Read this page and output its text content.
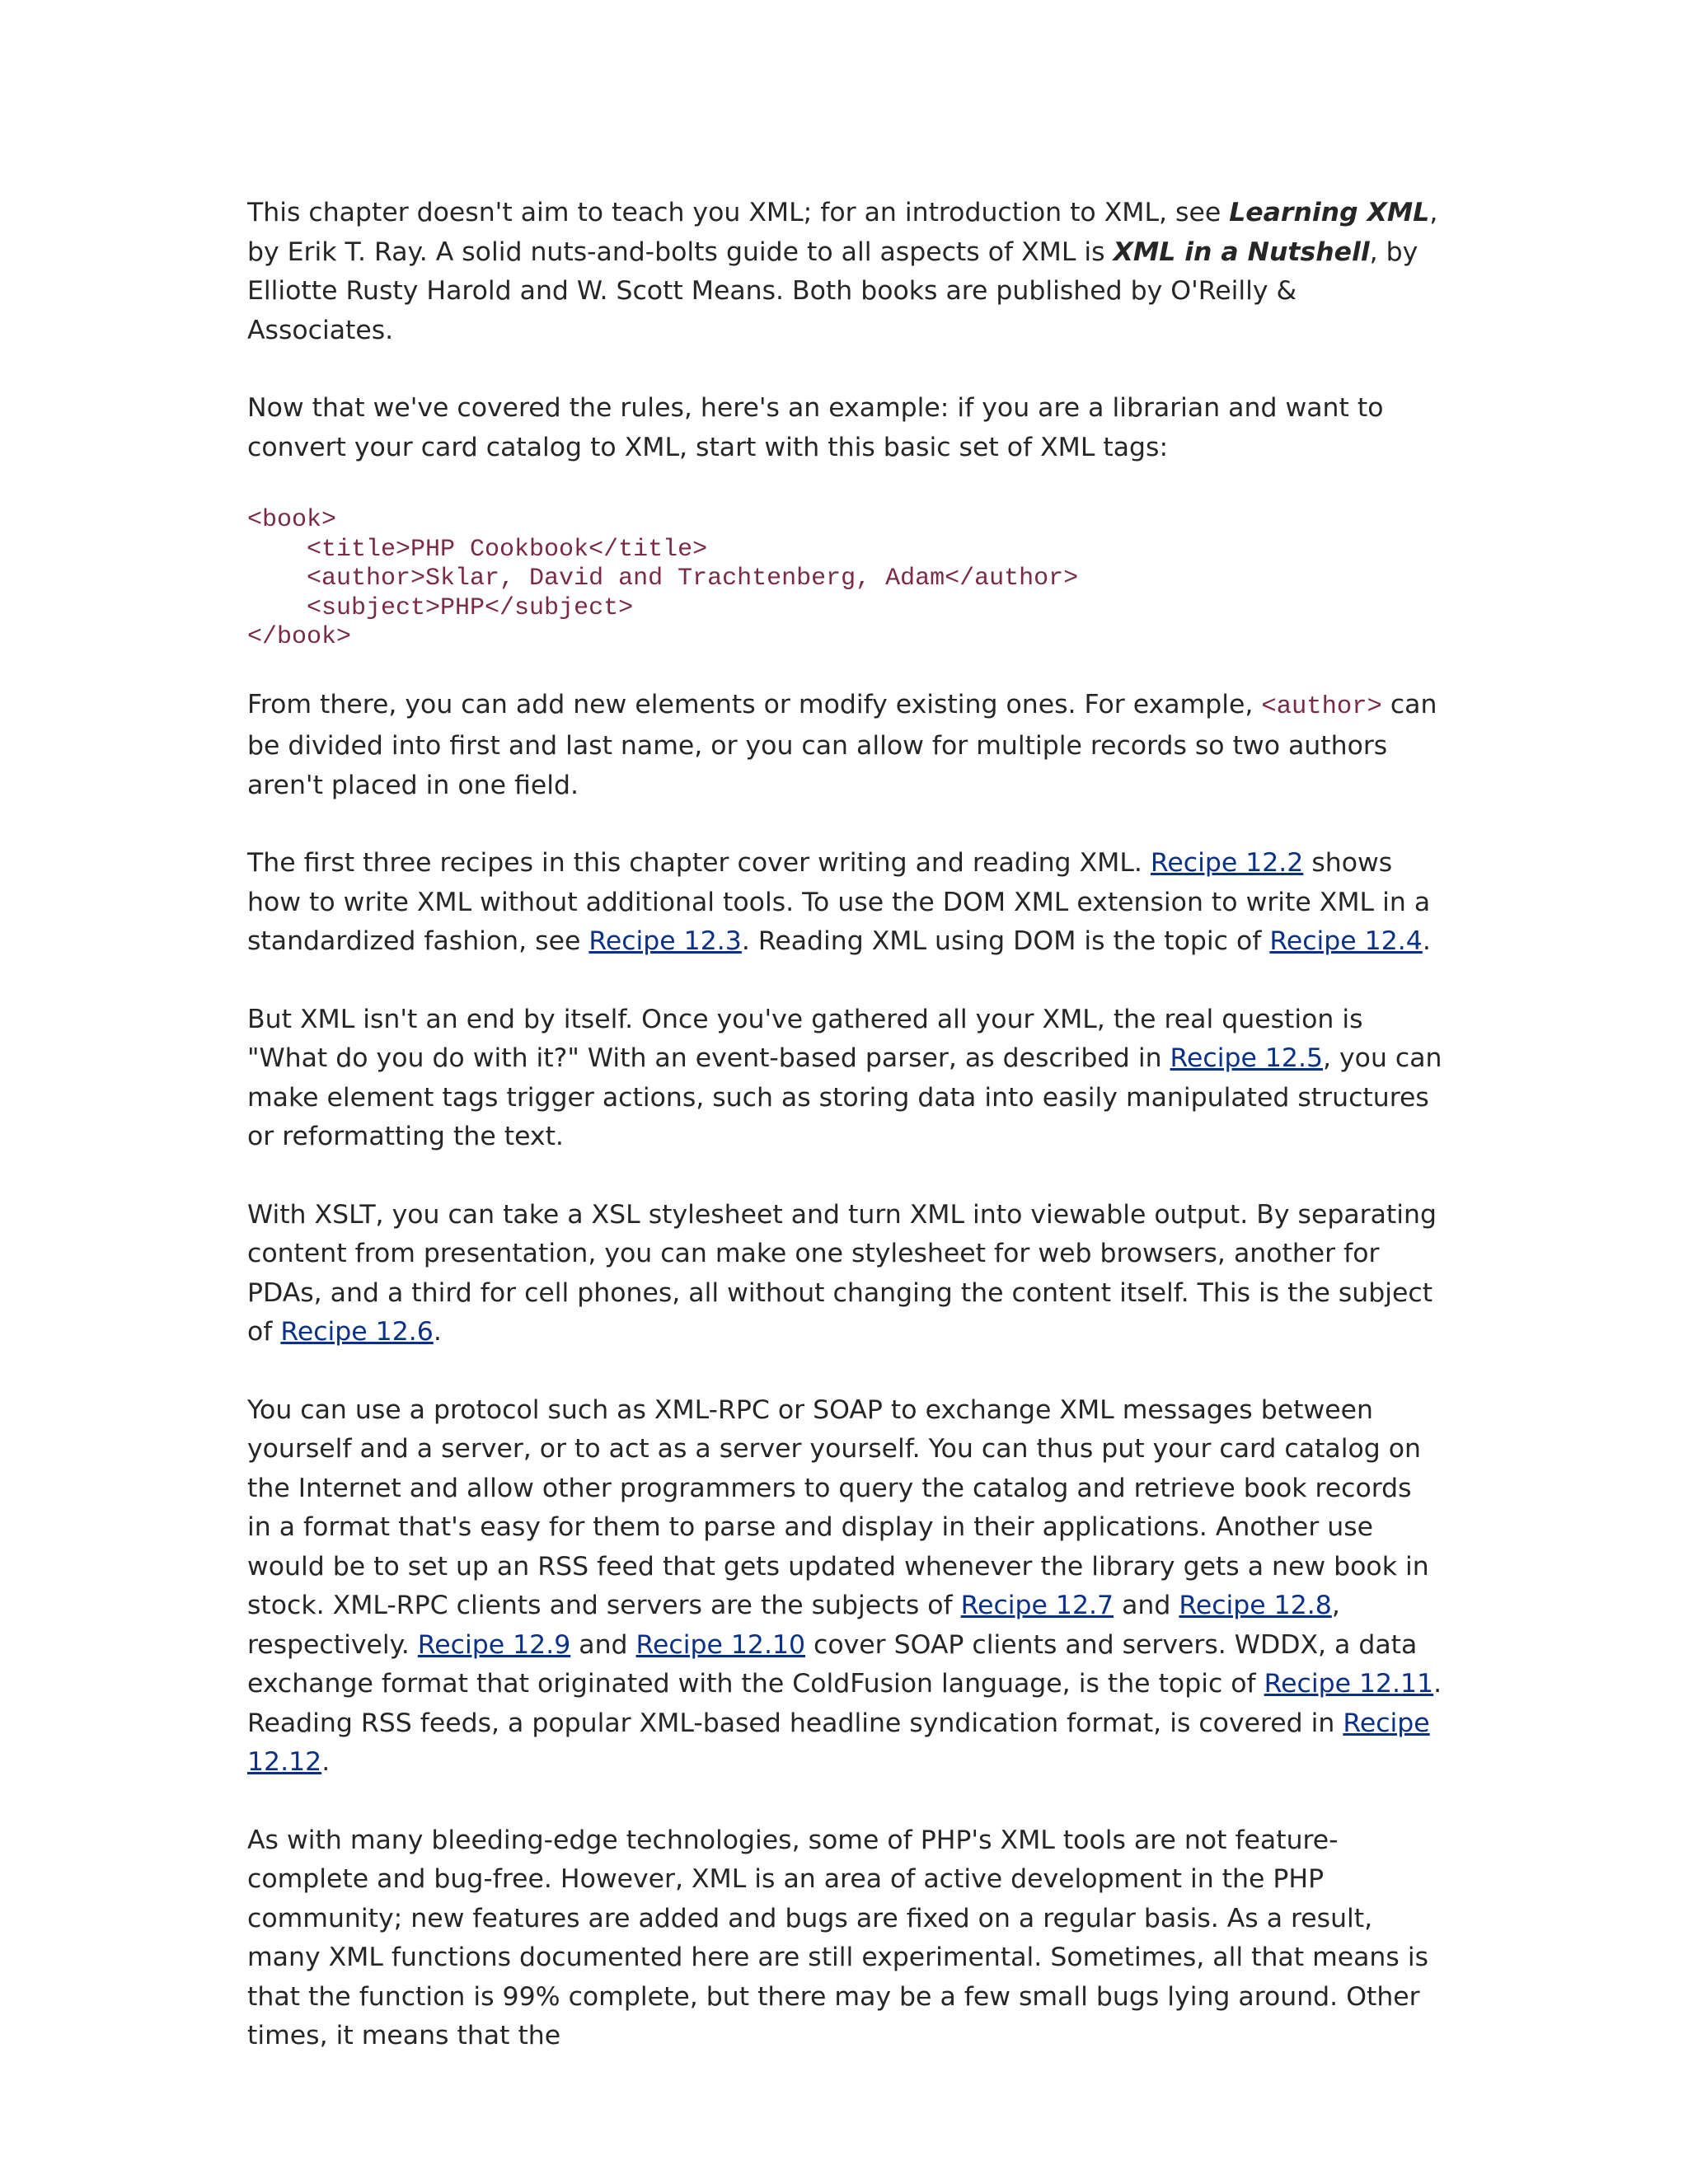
This chapter doesn't aim to teach you XML; for an introduction to XML, see Learning XML, by Erik T. Ray. A solid nuts-and-bolts guide to all aspects of XML is XML in a Nutshell, by Elliotte Rusty Harold and W. Scott Means. Both books are published by O'Reilly & Associates.

Now that we've covered the rules, here's an example: if you are a librarian and want to convert your card catalog to XML, start with this basic set of XML tags:

<book>
<title>PHP Cookbook</title>
<author>Sklar, David and Trachtenberg, Adam</author>
<subject>PHP</subject>
</book>

From there, you can add new elements or modify existing ones. For example, <author> can be divided into first and last name, or you can allow for multiple records so two authors aren't placed in one field.

The first three recipes in this chapter cover writing and reading XML. Recipe 12.2 shows how to write XML without additional tools. To use the DOM XML extension to write XML in a standardized fashion, see Recipe 12.3. Reading XML using DOM is the topic of Recipe 12.4.

But XML isn't an end by itself. Once you've gathered all your XML, the real question is "What do you do with it?" With an event-based parser, as described in Recipe 12.5, you can make element tags trigger actions, such as storing data into easily manipulated structures or reformatting the text.

With XSLT, you can take a XSL stylesheet and turn XML into viewable output. By separating content from presentation, you can make one stylesheet for web browsers, another for PDAs, and a third for cell phones, all without changing the content itself. This is the subject of Recipe 12.6.

You can use a protocol such as XML-RPC or SOAP to exchange XML messages between yourself and a server, or to act as a server yourself. You can thus put your card catalog on the Internet and allow other programmers to query the catalog and retrieve book records in a format that's easy for them to parse and display in their applications. Another use would be to set up an RSS feed that gets updated whenever the library gets a new book in stock. XML-RPC clients and servers are the subjects of Recipe 12.7 and Recipe 12.8, respectively. Recipe 12.9 and Recipe 12.10 cover SOAP clients and servers. WDDX, a data exchange format that originated with the ColdFusion language, is the topic of Recipe 12.11. Reading RSS feeds, a popular XML-based headline syndication format, is covered in Recipe 12.12.

As with many bleeding-edge technologies, some of PHP's XML tools are not feature-complete and bug-free. However, XML is an area of active development in the PHP community; new features are added and bugs are fixed on a regular basis. As a result, many XML functions documented here are still experimental. Sometimes, all that means is that the function is 99% complete, but there may be a few small bugs lying around. Other times, it means that the
